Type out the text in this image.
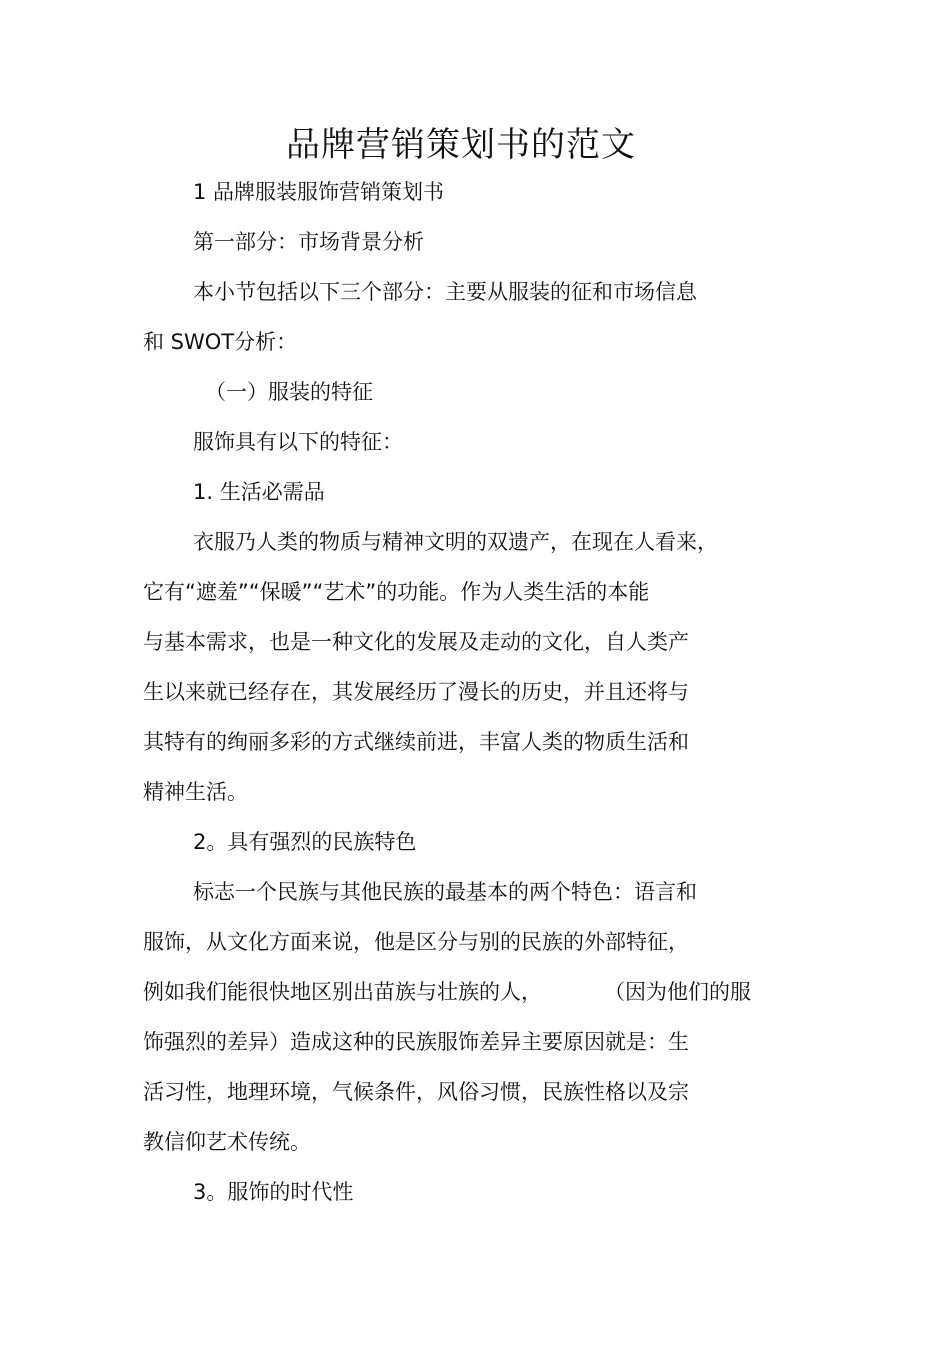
品牌营销策划书的范文
1 品牌服装服饰营销策划书
第一部分：市场背景分析
本小节包括以下三个部分：主要从服装的征和市场信息
和 SWOT分析：
（一）服装的特征
服饰具有以下的特征：
1. 生活必需品
衣服乃人类的物质与精神文明的双遗产，在现在人看来，
它有“遮羞”“保暖”“艺术”的功能。作为人类生活的本能
与基本需求，也是一种文化的发展及走动的文化，自人类产
生以来就已经存在，其发展经历了漫长的历史，并且还将与
其特有的绚丽多彩的方式继续前进，丰富人类的物质生活和
精神生活。
2。具有强烈的民族特色
标志一个民族与其他民族的最基本的两个特色：语言和
服饰，从文化方面来说，他是区分与别的民族的外部特征，
例如我们能很快地区别出苗族与壮族的人，	（因为他们的服
饰强烈的差异）造成这种的民族服饰差异主要原因就是：生
活习性，地理环境，气候条件，风俗习惯，民族性格以及宗
教信仰艺术传统。
3。服饰的时代性
